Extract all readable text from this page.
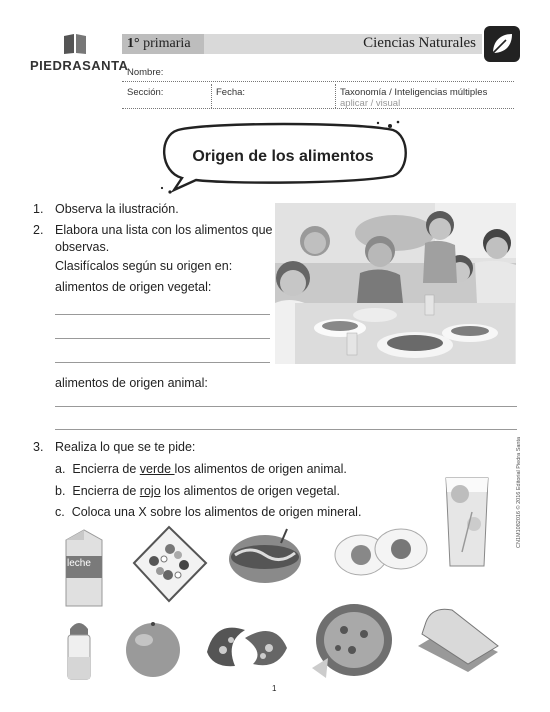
PIEDRASANTA
1° primaria	Ciencias Naturales
Nombre:
Sección:	Fecha:	Taxonomía / Inteligencias múltiples
aplicar / visual
Origen de los alimentos
1. Observa la ilustración.
2. Elabora una lista con los alimentos que
observas.
Clasifícalos según su origen en:
alimentos de origen vegetal:
alimentos de origen animal:
3. Realiza lo que se te pide:
a. Encierra de verde los alimentos de origen animal.
b. Encierra de rojo los alimentos de origen vegetal.
c. Coloca una X sobre los alimentos de origen mineral.
leche
CN1M1082016 © 2016 Editorial Piedra Santa
1
